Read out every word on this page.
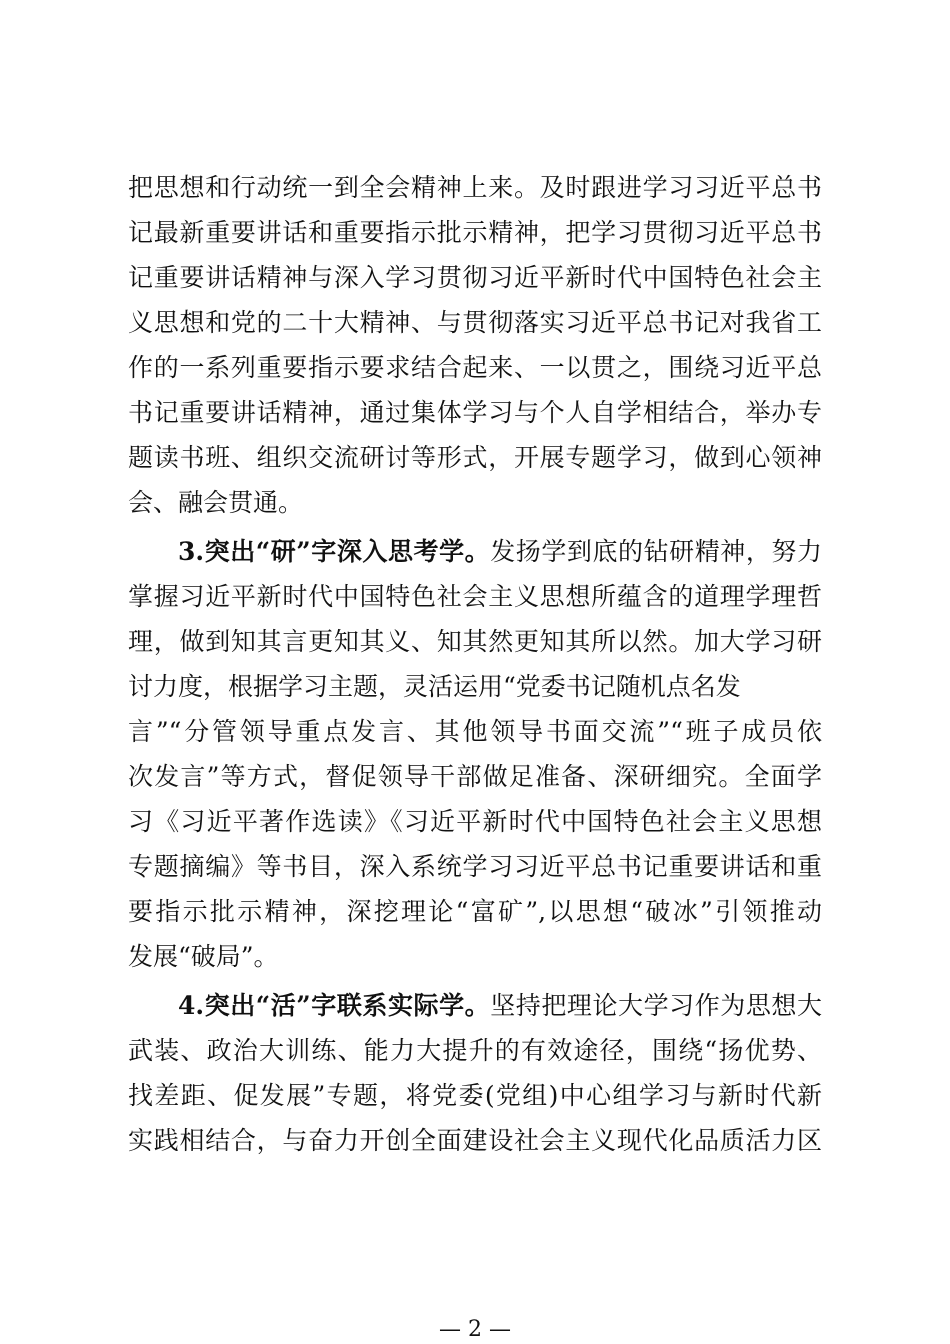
把思想和行动统一到全会精神上来。及时跟进学习习近平总书
记最新重要讲话和重要指示批示精神，把学习贯彻习近平总书
记重要讲话精神与深入学习贯彻习近平新时代中国特色社会主
义思想和党的二十大精神、与贯彻落实习近平总书记对我省工
作的一系列重要指示要求结合起来、一以贯之，围绕习近平总
书记重要讲话精神，通过集体学习与个人自学相结合，举办专
题读书班、组织交流研讨等形式，开展专题学习，做到心领神
会、融会贯通。
3.突出“研”字深入思考学。发扬学到底的钻研精神，努力
掌握习近平新时代中国特色社会主义思想所蕴含的道理学理哲
理，做到知其言更知其义、知其然更知其所以然。加大学习研
讨力度，根据学习主题，灵活运用“党委书记随机点名发
言”“分管领导重点发言、其他领导书面交流”“班子成员依
次发言”等方式，督促领导干部做足准备、深研细究。全面学
习《习近平著作选读》《习近平新时代中国特色社会主义思想
专题摘编》等书目，深入系统学习习近平总书记重要讲话和重
要指示批示精神，深挖理论“富矿”,以思想“破冰”引领推动
发展“破局”。
4.突出“活”字联系实际学。坚持把理论大学习作为思想大
武装、政治大训练、能力大提升的有效途径，围绕“扬优势、
找差距、促发展”专题，将党委(党组)中心组学习与新时代新
实践相结合，与奋力开创全面建设社会主义现代化品质活力区
— 2 —
